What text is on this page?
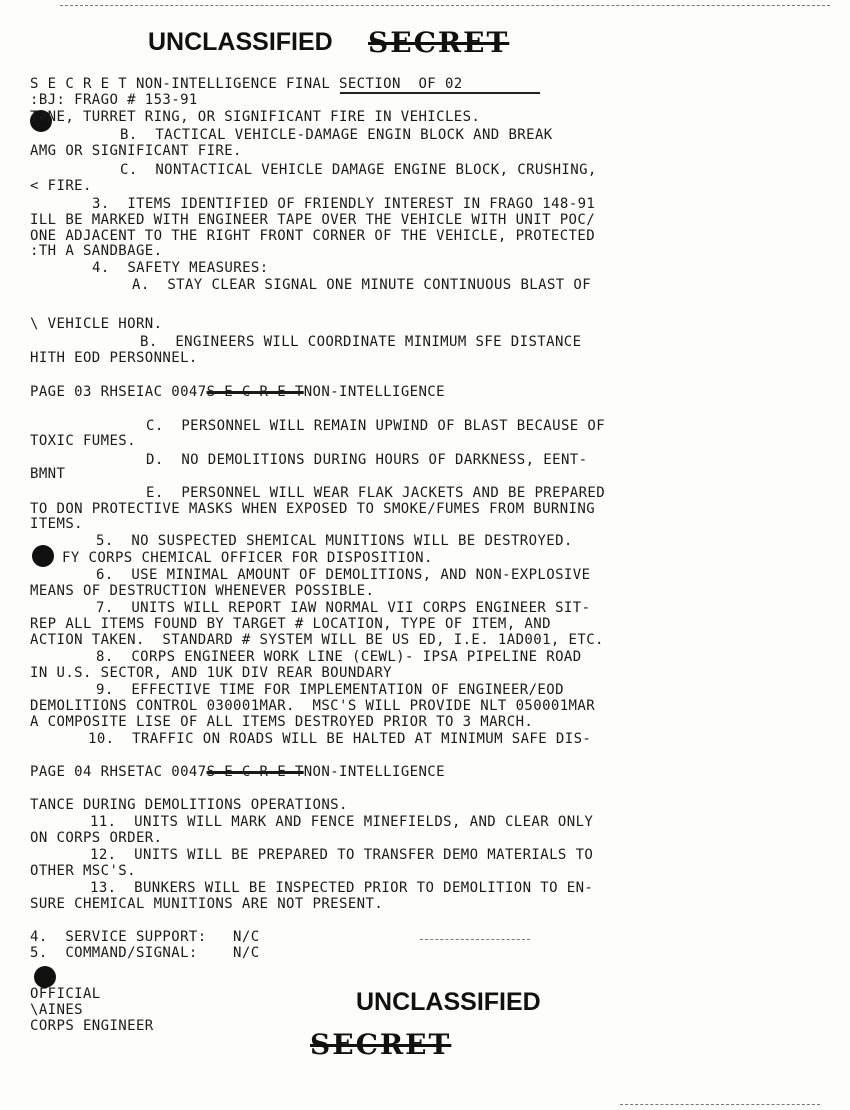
UNCLASSIFIED SECRET
S E C R E T NON-INTELLIGENCE FINAL SECTION  OF 02
:BJ: FRAGO # 153-91
TANE, TURRET RING, OR SIGNIFICANT FIRE IN VEHICLES.
B.  TACTICAL VEHICLE-DAMAGE ENGIN BLOCK AND BREAK
AMG OR SIGNIFICANT FIRE.
C.  NONTACTICAL VEHICLE DAMAGE ENGINE BLOCK, CRUSHING,
< FIRE.
3.  ITEMS IDENTIFIED OF FRIENDLY INTEREST IN FRAGO 148-91
ILL BE MARKED WITH ENGINEER TAPE OVER THE VEHICLE WITH UNIT POC/
ONE ADJACENT TO THE RIGHT FRONT CORNER OF THE VEHICLE, PROTECTED
:TH A SANDBAGE.
4.  SAFETY MEASURES:
A.  STAY CLEAR SIGNAL ONE MINUTE CONTINUOUS BLAST OF
\ VEHICLE HORN.
B.  ENGINEERS WILL COORDINATE MINIMUM SFE DISTANCE
HITH EOD PERSONNEL.
PAGE 03 RHSEIAC 0047S E C R E TNON-INTELLIGENCE
C.  PERSONNEL WILL REMAIN UPWIND OF BLAST BECAUSE OF
TOXIC FUMES.
D.  NO DEMOLITIONS DURING HOURS OF DARKNESS, EENT-
BMNT
E.  PERSONNEL WILL WEAR FLAK JACKETS AND BE PREPARED
TO DON PROTECTIVE MASKS WHEN EXPOSED TO SMOKE/FUMES FROM BURNING
ITEMS.
5.  NO SUSPECTED SHEMICAL MUNITIONS WILL BE DESTROYED.
FY CORPS CHEMICAL OFFICER FOR DISPOSITION.
6.  USE MINIMAL AMOUNT OF DEMOLITIONS, AND NON-EXPLOSIVE
MEANS OF DESTRUCTION WHENEVER POSSIBLE.
7.  UNITS WILL REPORT IAW NORMAL VII CORPS ENGINEER SIT-
REP ALL ITEMS FOUND BY TARGET # LOCATION, TYPE OF ITEM, AND
ACTION TAKEN.  STANDARD # SYSTEM WILL BE US ED, I.E. 1AD001, ETC.
8.  CORPS ENGINEER WORK LINE (CEWL)- IPSA PIPELINE ROAD
IN U.S. SECTOR, AND 1UK DIV REAR BOUNDARY
9.  EFFECTIVE TIME FOR IMPLEMENTATION OF ENGINEER/EOD
DEMOLITIONS CONTROL 030001MAR.  MSC'S WILL PROVIDE NLT 050001MAR
A COMPOSITE LISE OF ALL ITEMS DESTROYED PRIOR TO 3 MARCH.
10.  TRAFFIC ON ROADS WILL BE HALTED AT MINIMUM SAFE DIS-
PAGE 04 RHSETAC 0047S E C R E TNON-INTELLIGENCE
TANCE DURING DEMOLITIONS OPERATIONS.
11.  UNITS WILL MARK AND FENCE MINEFIELDS, AND CLEAR ONLY
ON CORPS ORDER.
12.  UNITS WILL BE PREPARED TO TRANSFER DEMO MATERIALS TO
OTHER MSC'S.
13.  BUNKERS WILL BE INSPECTED PRIOR TO DEMOLITION TO EN-
SURE CHEMICAL MUNITIONS ARE NOT PRESENT.
4.  SERVICE SUPPORT:   N/C
5.  COMMAND/SIGNAL:    N/C
OFFICIAL
\AINES
CORPS ENGINEER
UNCLASSIFIED
SECRET
